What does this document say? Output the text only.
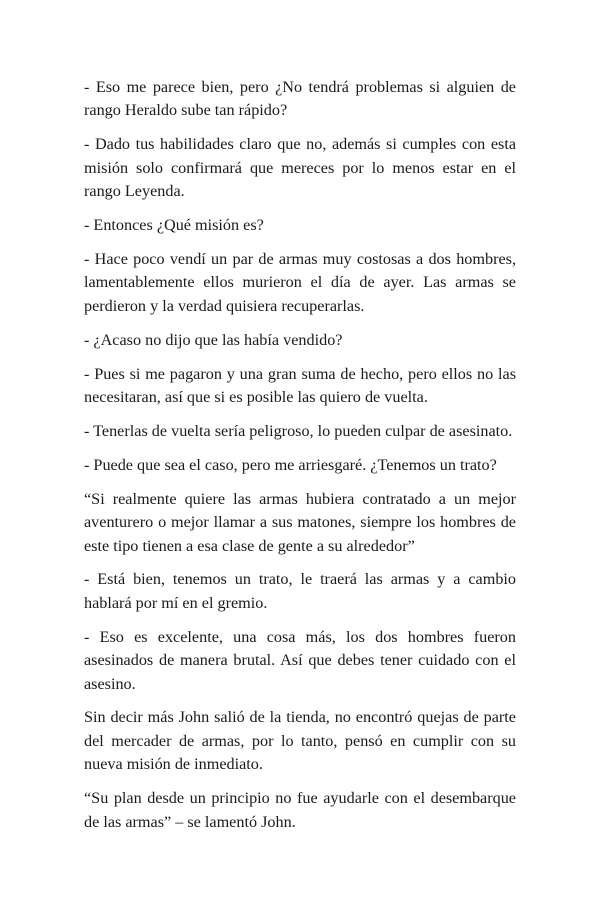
- Eso me parece bien, pero ¿No tendrá problemas si alguien de rango Heraldo sube tan rápido?

- Dado tus habilidades claro que no, además si cumples con esta misión solo confirmará que mereces por lo menos estar en el rango Leyenda.

- Entonces ¿Qué misión es?

- Hace poco vendí un par de armas muy costosas a dos hombres, lamentablemente ellos murieron el día de ayer. Las armas se perdieron y la verdad quisiera recuperarlas.

- ¿Acaso no dijo que las había vendido?

- Pues si me pagaron y una gran suma de hecho, pero ellos no las necesitaran, así que si es posible las quiero de vuelta.

- Tenerlas de vuelta sería peligroso, lo pueden culpar de asesinato.

- Puede que sea el caso, pero me arriesgaré. ¿Tenemos un trato?

“Si realmente quiere las armas hubiera contratado a un mejor aventurero o mejor llamar a sus matones, siempre los hombres de este tipo tienen a esa clase de gente a su alrededor”

- Está bien, tenemos un trato, le traerá las armas y a cambio hablará por mí en el gremio.

- Eso es excelente, una cosa más, los dos hombres fueron asesinados de manera brutal. Así que debes tener cuidado con el asesino.

Sin decir más John salió de la tienda, no encontró quejas de parte del mercader de armas, por lo tanto, pensó en cumplir con su nueva misión de inmediato.

“Su plan desde un principio no fue ayudarle con el desembarque de las armas” – se lamentó John.
